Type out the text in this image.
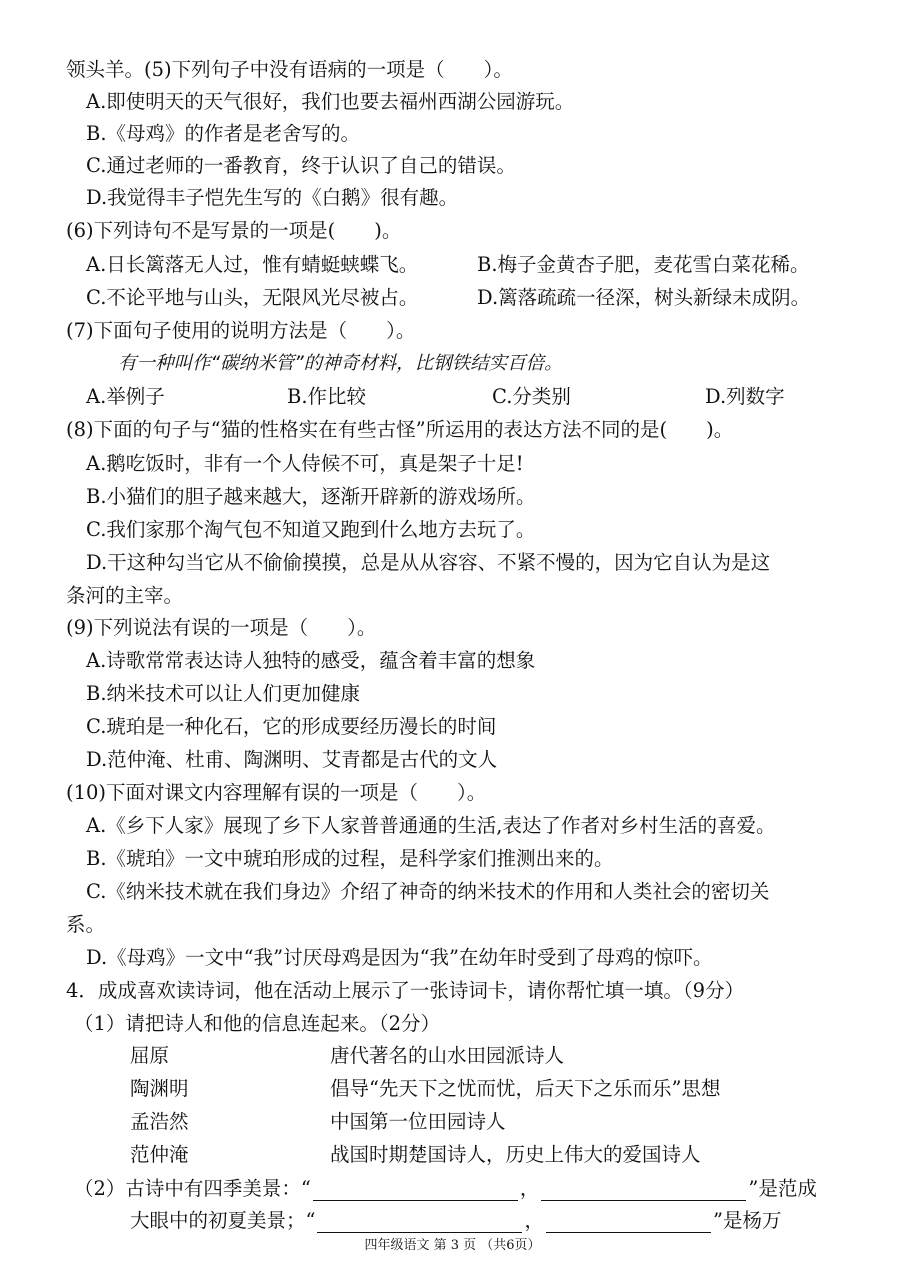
领头羊。(5)下列句子中没有语病的一项是（　　）。
A.即使明天的天气很好，我们也要去福州西湖公园游玩。
B.《母鸡》的作者是老舍写的。
C.通过老师的一番教育，终于认识了自己的错误。
D.我觉得丰子恺先生写的《白鹅》很有趣。
(6)下列诗句不是写景的一项是(　　)。
A.日长篱落无人过，惟有蜻蜓蛱蝶飞。	B.梅子金黄杏子肥，麦花雪白菜花稀。
C.不论平地与山头，无限风光尽被占。	D.篱落疏疏一径深，树头新绿未成阴。
(7)下面句子使用的说明方法是（　　）。
有一种叫作“碳纳米管”的神奇材料，比钢铁结实百倍。
A.举例子	B.作比较	C.分类别	D.列数字
(8)下面的句子与“猫的性格实在有些古怪”所运用的表达方法不同的是(　　)。
A.鹅吃饭时，非有一个人侍候不可，真是架子十足!
B.小猫们的胆子越来越大，逐渐开辟新的游戏场所。
C.我们家那个淘气包不知道又跑到什么地方去玩了。
D.干这种勾当它从不偷偷摸摸，总是从从容容、不紧不慢的，因为它自认为是这
条河的主宰。
(9)下列说法有误的一项是（　　）。
A.诗歌常常表达诗人独特的感受，蕴含着丰富的想象
B.纳米技术可以让人们更加健康
C.琥珀是一种化石，它的形成要经历漫长的时间
D.范仲淹、杜甫、陶渊明、艾青都是古代的文人
(10)下面对课文内容理解有误的一项是（　　）。
A.《乡下人家》展现了乡下人家普普通通的生活,表达了作者对乡村生活的喜爱。
B.《琥珀》一文中琥珀形成的过程，是科学家们推测出来的。
C.《纳米技术就在我们身边》介绍了神奇的纳米技术的作用和人类社会的密切关
系。
D.《母鸡》一文中“我”讨厌母鸡是因为“我”在幼年时受到了母鸡的惊吓。
4．成成喜欢读诗词，他在活动上展示了一张诗词卡，请你帮忙填一填。（9分）
（1）请把诗人和他的信息连起来。（2分）
屈原	唐代著名的山水田园派诗人
陶渊明	倡导“先天下之忧而忧，后天下之乐而乐”思想
孟浩然	中国第一位田园诗人
范仲淹	战国时期楚国诗人，历史上伟大的爱国诗人
（2）古诗中有四季美景：“	，	”是范成
大眼中的初夏美景；“	，	”是杨万
四年级语文 第 3 页 （共6页）
